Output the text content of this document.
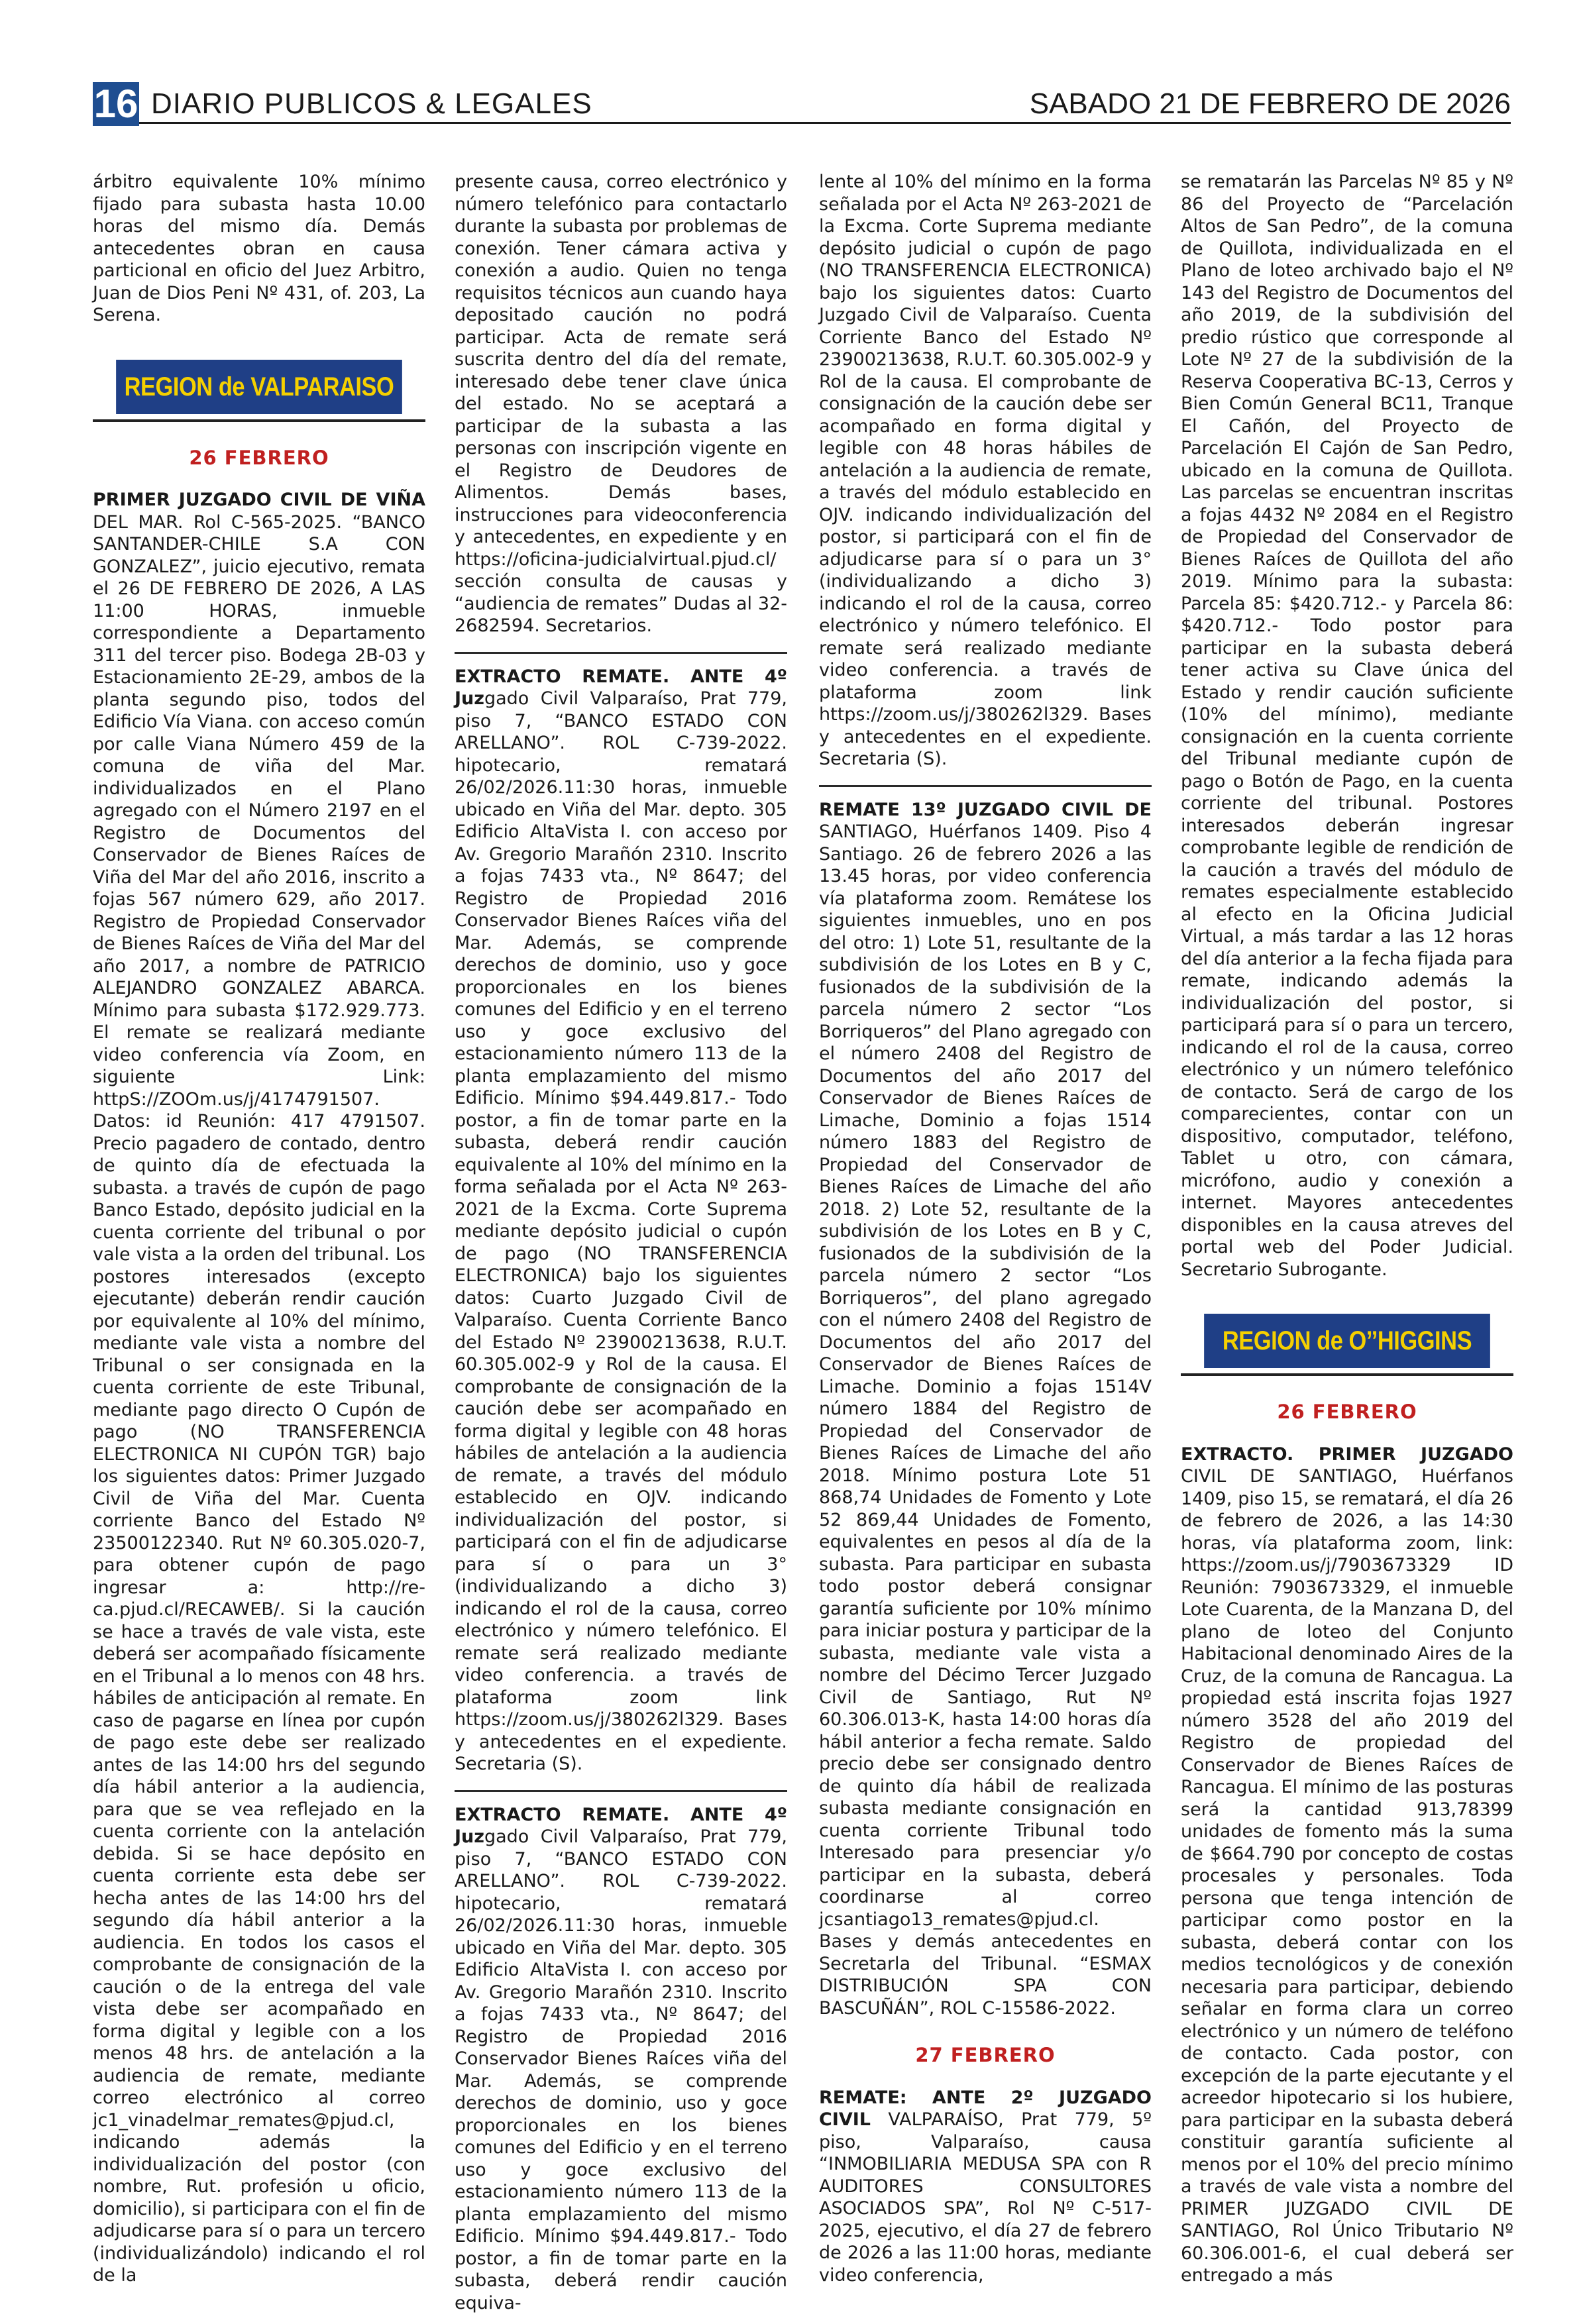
16 DIARIO PUBLICOS & LEGALES	SABADO 21 DE FEBRERO DE 2026

árbitro equivalente 10% mínimo fijado para subasta hasta 10.00 horas del mismo día. Demás antecedentes obran en causa particional en oficio del Juez Arbitro, Juan de Dios Peni Nº 431, of. 203, La Serena.

REGION de VALPARAISO
26 FEBRERO

PRIMER JUZGADO CIVIL DE VIÑA DEL MAR. Rol C-565-2025. “BANCO SANTANDER-CHILE S.A CON GONZALEZ”, juicio ejecutivo, remata el 26 DE FEBRERO DE 2026, A LAS 11:00 HORAS, inmueble correspondiente a Departamento 311 del tercer piso. Bodega 2B-03 y Estacionamiento 2E-29, ambos de la planta segundo piso, todos del Edificio Vía Viana. con acceso común por calle Viana Número 459 de la comuna de viña del Mar. individualizados en el Plano agregado con el Número 2197 en el Registro de Documentos del Conservador de Bienes Raíces de Viña del Mar del año 2016, inscrito a fojas 567 número 629, año 2017. Registro de Propiedad Conservador de Bienes Raíces de Viña del Mar del año 2017, a nombre de PATRICIO ALEJANDRO GONZALEZ ABARCA. Mínimo para subasta $172.929.773. El remate se realizará mediante video conferencia vía Zoom, en siguiente Link: httpS://ZOOm.us/j/4174791507. Datos: id Reunión: 417 4791507. Precio pagadero de contado, dentro de quinto día de efectuada la subasta. a través de cupón de pago Banco Estado, depósito judicial en la cuenta corriente del tribunal o por vale vista a la orden del tribunal. Los postores interesados (excepto ejecutante) deberán rendir caución por equivalente al 10% del mínimo, mediante vale vista a nombre del Tribunal o ser consignada en la cuenta corriente de este Tribunal, mediante pago directo O Cupón de pago (NO TRANSFERENCIA ELECTRONICA NI CUPÓN TGR) bajo los siguientes datos: Primer Juzgado Civil de Viña del Mar. Cuenta corriente Banco del Estado Nº 23500122340. Rut Nº 60.305.020-7, para obtener cupón de pago ingresar a: http://re-ca.pjud.cl/RECAWEB/. Si la caución se hace a través de vale vista, este deberá ser acompañado físicamente en el Tribunal a lo menos con 48 hrs. hábiles de anticipación al remate. En caso de pagarse en línea por cupón de pago este debe ser realizado antes de las 14:00 hrs del segundo día hábil anterior a la audiencia, para que se vea reflejado en la cuenta corriente con la antelación debida. Si se hace depósito en cuenta corriente esta debe ser hecha antes de las 14:00 hrs del segundo día hábil anterior a la audiencia. En todos los casos el comprobante de consignación de la caución o de la entrega del vale vista debe ser acompañado en forma digital y legible con a los menos 48 hrs. de antelación a la audiencia de remate, mediante correo electrónico al correo jc1_vinadelmar_remates@pjud.cl, indicando además la individualización del postor (con nombre, Rut. profesión u oficio, domicilio), si participara con el fin de adjudicarse para sí o para un tercero (individualizándolo) indicando el rol de la

presente causa, correo electrónico y número telefónico para contactarlo durante la subasta por problemas de conexión. Tener cámara activa y conexión a audio. Quien no tenga requisitos técnicos aun cuando haya depositado caución no podrá participar. Acta de remate será suscrita dentro del día del remate, interesado debe tener clave única del estado. No se aceptará a participar de la subasta a las personas con inscripción vigente en el Registro de Deudores de Alimentos. Demás bases, instrucciones para videoconferencia y antecedentes, en expediente y en https://oficina-judicialvirtual.pjud.cl/ sección consulta de causas y “audiencia de remates” Dudas al 32-2682594. Secretarios.

EXTRACTO REMATE. ANTE 4º Juzgado Civil Valparaíso, Prat 779, piso 7, “BANCO ESTADO CON ARELLANO”. ROL C-739-2022. hipotecario, rematará 26/02/2026.11:30 horas, inmueble ubicado en Viña del Mar. depto. 305 Edificio AltaVista I. con acceso por Av. Gregorio Marañón 2310. Inscrito a fojas 7433 vta., Nº 8647; del Registro de Propiedad 2016 Conservador Bienes Raíces viña del Mar. Además, se comprende derechos de dominio, uso y goce proporcionales en los bienes comunes del Edificio y en el terreno uso y goce exclusivo del estacionamiento número 113 de la planta emplazamiento del mismo Edificio. Mínimo $94.449.817.- Todo postor, a fin de tomar parte en la subasta, deberá rendir caución equivalente al 10% del mínimo en la forma señalada por el Acta Nº 263-2021 de la Excma. Corte Suprema mediante depósito judicial o cupón de pago (NO TRANSFERENCIA ELECTRONICA) bajo los siguientes datos: Cuarto Juzgado Civil de Valparaíso. Cuenta Corriente Banco del Estado Nº 23900213638, R.U.T. 60.305.002-9 y Rol de la causa. El comprobante de consignación de la caución debe ser acompañado en forma digital y legible con 48 horas hábiles de antelación a la audiencia de remate, a través del módulo establecido en OJV. indicando individualización del postor, si participará con el fin de adjudicarse para sí o para un 3° (individualizando a dicho 3) indicando el rol de la causa, correo electrónico y número telefónico. El remate será realizado mediante video conferencia. a través de plataforma zoom link https://zoom.us/j/380262l329. Bases y antecedentes en el expediente. Secretaria (S).

EXTRACTO REMATE. ANTE 4º Juzgado Civil Valparaíso, Prat 779, piso 7, “BANCO ESTADO CON ARELLANO”. ROL C-739-2022. hipotecario, rematará 26/02/2026.11:30 horas, inmueble ubicado en Viña del Mar. depto. 305 Edificio AltaVista I. con acceso por Av. Gregorio Marañón 2310. Inscrito a fojas 7433 vta., Nº 8647; del Registro de Propiedad 2016 Conservador Bienes Raíces viña del Mar. Además, se comprende derechos de dominio, uso y goce proporcionales en los bienes comunes del Edificio y en el terreno uso y goce exclusivo del estacionamiento número 113 de la planta emplazamiento del mismo Edificio. Mínimo $94.449.817.- Todo postor, a fin de tomar parte en la subasta, deberá rendir caución equiva-

lente al 10% del mínimo en la forma señalada por el Acta Nº 263-2021 de la Excma. Corte Suprema mediante depósito judicial o cupón de pago (NO TRANSFERENCIA ELECTRONICA) bajo los siguientes datos: Cuarto Juzgado Civil de Valparaíso. Cuenta Corriente Banco del Estado Nº 23900213638, R.U.T. 60.305.002-9 y Rol de la causa. El comprobante de consignación de la caución debe ser acompañado en forma digital y legible con 48 horas hábiles de antelación a la audiencia de remate, a través del módulo establecido en OJV. indicando individualización del postor, si participará con el fin de adjudicarse para sí o para un 3° (individualizando a dicho 3) indicando el rol de la causa, correo electrónico y número telefónico. El remate será realizado mediante video conferencia. a través de plataforma zoom link https://zoom.us/j/380262l329. Bases y antecedentes en el expediente. Secretaria (S).

REMATE 13º JUZGADO CIVIL DE SANTIAGO, Huérfanos 1409. Piso 4 Santiago. 26 de febrero 2026 a las 13.45 horas, por video conferencia vía plataforma zoom. Remátese los siguientes inmuebles, uno en pos del otro: 1) Lote 51, resultante de la subdivisión de los Lotes en B y C, fusionados de la subdivisión de la parcela número 2 sector “Los Borriqueros” del Plano agregado con el número 2408 del Registro de Documentos del año 2017 del Conservador de Bienes Raíces de Limache, Dominio a fojas 1514 número 1883 del Registro de Propiedad del Conservador de Bienes Raíces de Limache del año 2018. 2) Lote 52, resultante de la subdivisión de los Lotes en B y C, fusionados de la subdivisión de la parcela número 2 sector “Los Borriqueros”, del plano agregado con el número 2408 del Registro de Documentos del año 2017 del Conservador de Bienes Raíces de Limache. Dominio a fojas 1514V número 1884 del Registro de Propiedad del Conservador de Bienes Raíces de Limache del año 2018. Mínimo postura Lote 51 868,74 Unidades de Fomento y Lote 52 869,44 Unidades de Fomento, equivalentes en pesos al día de la subasta. Para participar en subasta todo postor deberá consignar garantía suficiente por 10% mínimo para iniciar postura y participar de la subasta, mediante vale vista a nombre del Décimo Tercer Juzgado Civil de Santiago, Rut Nº 60.306.013-K, hasta 14:00 horas día hábil anterior a fecha remate. Saldo precio debe ser consignado dentro de quinto día hábil de realizada subasta mediante consignación en cuenta corriente Tribunal todo Interesado para presenciar y/o participar en la subasta, deberá coordinarse al correo jcsantiago13_remates@pjud.cl. Bases y demás antecedentes en Secretarla del Tribunal. “ESMAX DISTRIBUCIÓN SPA CON BASCUÑÁN”, ROL C-15586-2022.

27 FEBRERO

REMATE: ANTE 2º JUZGADO CIVIL VALPARAÍSO, Prat 779, 5º piso, Valparaíso, causa “INMOBILIARIA MEDUSA SPA con R AUDITORES CONSULTORES ASOCIADOS SPA”, Rol Nº C-517-2025, ejecutivo, el día 27 de febrero de 2026 a las 11:00 horas, mediante video conferencia,

se rematarán las Parcelas Nº 85 y Nº 86 del Proyecto de “Parcelación Altos de San Pedro”, de la comuna de Quillota, individualizada en el Plano de loteo archivado bajo el Nº 143 del Registro de Documentos del año 2019, de la subdivisión del predio rústico que corresponde al Lote Nº 27 de la subdivisión de la Reserva Cooperativa BC-13, Cerros y Bien Común General BC11, Tranque El Cañón, del Proyecto de Parcelación El Cajón de San Pedro, ubicado en la comuna de Quillota. Las parcelas se encuentran inscritas a fojas 4432 Nº 2084 en el Registro de Propiedad del Conservador de Bienes Raíces de Quillota del año 2019. Mínimo para la subasta: Parcela 85: $420.712.- y Parcela 86: $420.712.- Todo postor para participar en la subasta deberá tener activa su Clave única del Estado y rendir caución suficiente (10% del mínimo), mediante consignación en la cuenta corriente del Tribunal mediante cupón de pago o Botón de Pago, en la cuenta corriente del tribunal. Postores interesados deberán ingresar comprobante legible de rendición de la caución a través del módulo de remates especialmente establecido al efecto en la Oficina Judicial Virtual, a más tardar a las 12 horas del día anterior a la fecha fijada para remate, indicando además la individualización del postor, si participará para sí o para un tercero, indicando el rol de la causa, correo electrónico y un número telefónico de contacto. Será de cargo de los comparecientes, contar con un dispositivo, computador, teléfono, Tablet u otro, con cámara, micrófono, audio y conexión a internet. Mayores antecedentes disponibles en la causa atreves del portal web del Poder Judicial. Secretario Subrogante.

REGION de O’’HIGGINS
26 FEBRERO

EXTRACTO. PRIMER JUZGADO CIVIL DE SANTIAGO, Huérfanos 1409, piso 15, se rematará, el día 26 de febrero de 2026, a las 14:30 horas, vía plataforma zoom, link: https://zoom.us/j/7903673329 ID Reunión: 7903673329, el inmueble Lote Cuarenta, de la Manzana D, del plano de loteo del Conjunto Habitacional denominado Aires de la Cruz, de la comuna de Rancagua. La propiedad está inscrita fojas 1927 número 3528 del año 2019 del Registro de propiedad del Conservador de Bienes Raíces de Rancagua. El mínimo de las posturas será la cantidad 913,78399 unidades de fomento más la suma de $664.790 por concepto de costas procesales y personales. Toda persona que tenga intención de participar como postor en la subasta, deberá contar con los medios tecnológicos y de conexión necesaria para participar, debiendo señalar en forma clara un correo electrónico y un número de teléfono de contacto. Cada postor, con excepción de la parte ejecutante y el acreedor hipotecario si los hubiere, para participar en la subasta deberá constituir garantía suficiente al menos por el 10% del precio mínimo a través de vale vista a nombre del PRIMER JUZGADO CIVIL DE SANTIAGO, Rol Único Tributario Nº 60.306.001-6, el cual deberá ser entregado a más
